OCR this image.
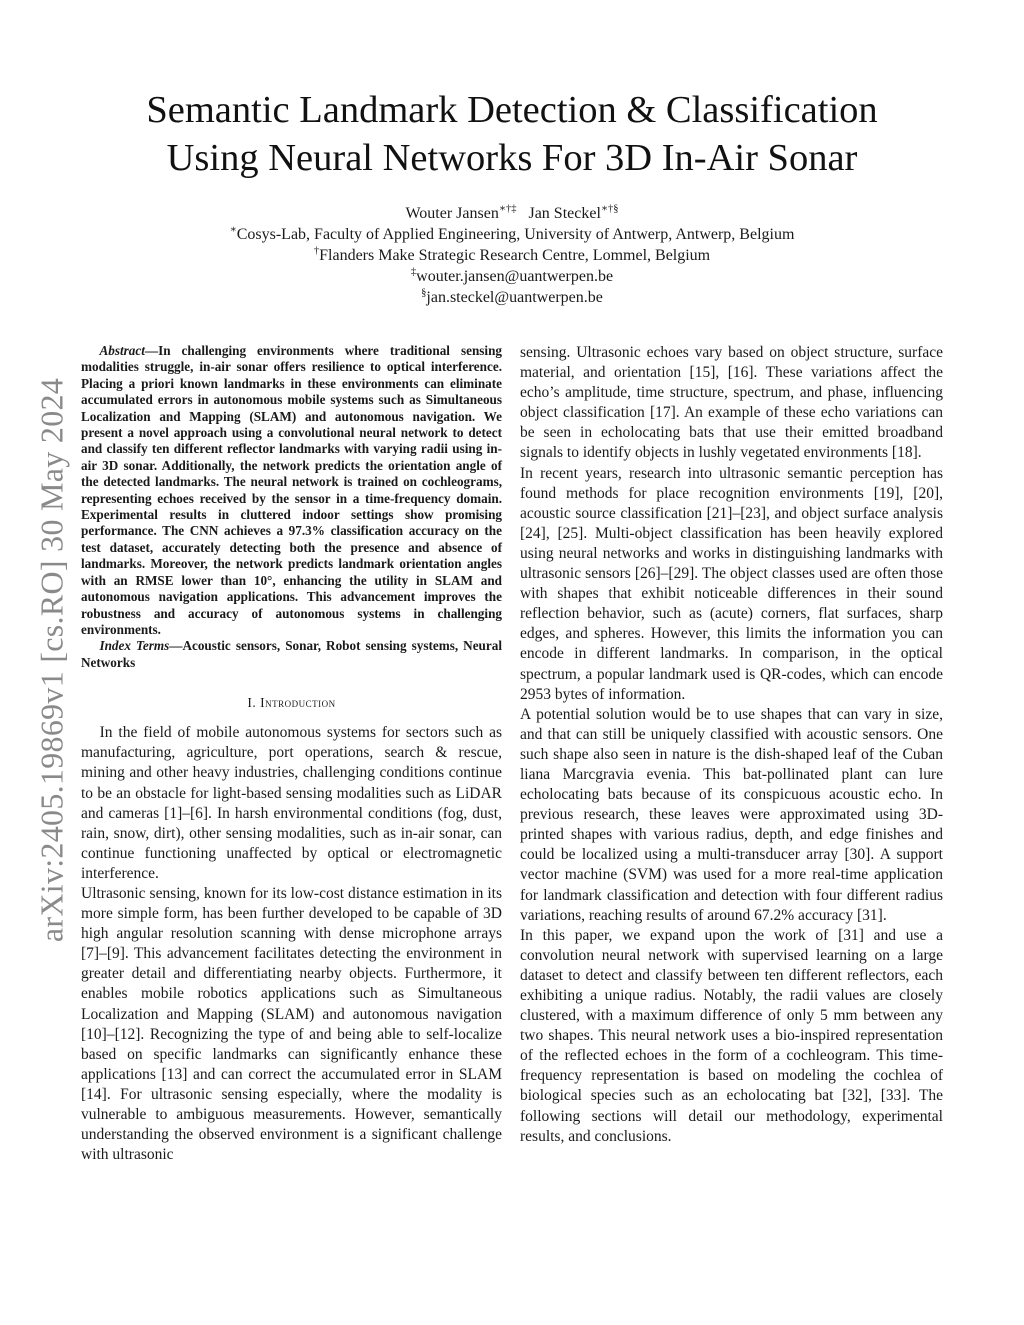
arXiv:2405.19869v1 [cs.RO] 30 May 2024
Semantic Landmark Detection & Classification
Using Neural Networks For 3D In-Air Sonar
Wouter Jansen∗†‡ Jan Steckel∗†§
∗Cosys-Lab, Faculty of Applied Engineering, University of Antwerp, Antwerp, Belgium
†Flanders Make Strategic Research Centre, Lommel, Belgium
‡wouter.jansen@uantwerpen.be
§jan.steckel@uantwerpen.be

Abstract—In challenging environments where traditional sensing modalities struggle, in-air sonar offers resilience to optical interference. Placing a priori known landmarks in these environments can eliminate accumulated errors in autonomous mobile systems such as Simultaneous Localization and Mapping (SLAM) and autonomous navigation. We present a novel approach using a convolutional neural network to detect and classify ten different reflector landmarks with varying radii using in-air 3D sonar. Additionally, the network predicts the orientation angle of the detected landmarks. The neural network is trained on cochleograms, representing echoes received by the sensor in a time-frequency domain. Experimental results in cluttered indoor settings show promising performance. The CNN achieves a 97.3% classification accuracy on the test dataset, accurately detecting both the presence and absence of landmarks. Moreover, the network predicts landmark orientation angles with an RMSE lower than 10°, enhancing the utility in SLAM and autonomous navigation applications. This advancement improves the robustness and accuracy of autonomous systems in challenging environments.

Index Terms—Acoustic sensors, Sonar, Robot sensing systems, Neural Networks

I. Introduction

In the field of mobile autonomous systems for sectors such as manufacturing, agriculture, port operations, search & rescue, mining and other heavy industries, challenging conditions continue to be an obstacle for light-based sensing modalities such as LiDAR and cameras [1]–[6]. In harsh environmental conditions (fog, dust, rain, snow, dirt), other sensing modalities, such as in-air sonar, can continue functioning unaffected by optical or electromagnetic interference.

Ultrasonic sensing, known for its low-cost distance estimation in its more simple form, has been further developed to be capable of 3D high angular resolution scanning with dense microphone arrays [7]–[9]. This advancement facilitates detecting the environment in greater detail and differentiating nearby objects. Furthermore, it enables mobile robotics applications such as Simultaneous Localization and Mapping (SLAM) and autonomous navigation [10]–[12]. Recognizing the type of and being able to self-localize based on specific landmarks can significantly enhance these applications [13] and can correct the accumulated error in SLAM [14]. For ultrasonic sensing especially, where the modality is vulnerable to ambiguous measurements. However, semantically understanding the observed environment is a significant challenge with ultrasonic

sensing. Ultrasonic echoes vary based on object structure, surface material, and orientation [15], [16]. These variations affect the echo’s amplitude, time structure, spectrum, and phase, influencing object classification [17]. An example of these echo variations can be seen in echolocating bats that use their emitted broadband signals to identify objects in lushly vegetated environments [18].

In recent years, research into ultrasonic semantic perception has found methods for place recognition environments [19], [20], acoustic source classification [21]–[23], and object surface analysis [24], [25]. Multi-object classification has been heavily explored using neural networks and works in distinguishing landmarks with ultrasonic sensors [26]–[29]. The object classes used are often those with shapes that exhibit noticeable differences in their sound reflection behavior, such as (acute) corners, flat surfaces, sharp edges, and spheres. However, this limits the information you can encode in different landmarks. In comparison, in the optical spectrum, a popular landmark used is QR-codes, which can encode 2953 bytes of information.

A potential solution would be to use shapes that can vary in size, and that can still be uniquely classified with acoustic sensors. One such shape also seen in nature is the dish-shaped leaf of the Cuban liana Marcgravia evenia. This bat-pollinated plant can lure echolocating bats because of its conspicuous acoustic echo. In previous research, these leaves were approximated using 3D-printed shapes with various radius, depth, and edge finishes and could be localized using a multi-transducer array [30]. A support vector machine (SVM) was used for a more real-time application for landmark classification and detection with four different radius variations, reaching results of around 67.2% accuracy [31].

In this paper, we expand upon the work of [31] and use a convolution neural network with supervised learning on a large dataset to detect and classify between ten different reflectors, each exhibiting a unique radius. Notably, the radii values are closely clustered, with a maximum difference of only 5 mm between any two shapes. This neural network uses a bio-inspired representation of the reflected echoes in the form of a cochleogram. This time-frequency representation is based on modeling the cochlea of biological species such as an echolocating bat [32], [33]. The following sections will detail our methodology, experimental results, and conclusions.
